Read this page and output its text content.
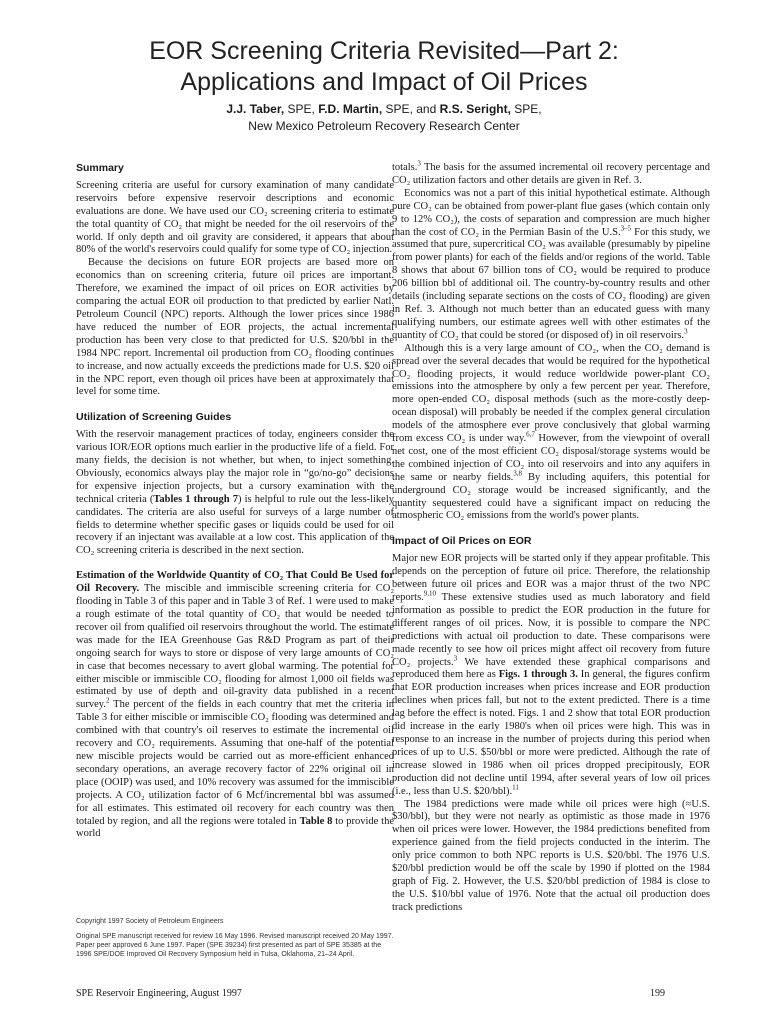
EOR Screening Criteria Revisited—Part 2:
Applications and Impact of Oil Prices
J.J. Taber, SPE, F.D. Martin, SPE, and R.S. Seright, SPE,
New Mexico Petroleum Recovery Research Center
Summary

Screening criteria are useful for cursory examination of many candidate reservoirs before expensive reservoir descriptions and economic evaluations are done. We have used our CO₂ screening criteria to estimate the total quantity of CO₂ that might be needed for the oil reservoirs of the world. If only depth and oil gravity are considered, it appears that about 80% of the world's reservoirs could qualify for some type of CO₂ injection.

Because the decisions on future EOR projects are based more on economics than on screening criteria, future oil prices are important. Therefore, we examined the impact of oil prices on EOR activities by comparing the actual EOR oil production to that predicted by earlier Natl. Petroleum Council (NPC) reports. Although the lower prices since 1986 have reduced the number of EOR projects, the actual incremental production has been very close to that predicted for U.S. $20/bbl in the 1984 NPC report. Incremental oil production from CO₂ flooding continues to increase, and now actually exceeds the predictions made for U.S. $20 oil in the NPC report, even though oil prices have been at approximately that level for some time.

Utilization of Screening Guides

With the reservoir management practices of today, engineers consider the various IOR/EOR options much earlier in the productive life of a field. For many fields, the decision is not whether, but when, to inject something. Obviously, economics always play the major role in “go/no-go” decisions for expensive injection projects, but a cursory examination with the technical criteria (Tables 1 through 7) is helpful to rule out the less-likely candidates. The criteria are also useful for surveys of a large number of fields to determine whether specific gases or liquids could be used for oil recovery if an injectant was available at a low cost. This application of the CO₂ screening criteria is described in the next section.

Estimation of the Worldwide Quantity of CO₂ That Could Be Used for Oil Recovery. The miscible and immiscible screening criteria for CO₂ flooding in Table 3 of this paper and in Table 3 of Ref. 1 were used to make a rough estimate of the total quantity of CO₂ that would be needed to recover oil from qualified oil reservoirs throughout the world. The estimate was made for the IEA Greenhouse Gas R&D Program as part of their ongoing search for ways to store or dispose of very large amounts of CO₂ in case that becomes necessary to avert global warming. The potential for either miscible or immiscible CO₂ flooding for almost 1,000 oil fields was estimated by use of depth and oil-gravity data published in a recent survey.$^2$ The percent of the fields in each country that met the criteria in Table 3 for either miscible or immiscible CO₂ flooding was determined and combined with that country's oil reserves to estimate the incremental oil recovery and CO₂ requirements. Assuming that one-half of the potential new miscible projects would be carried out as more-efficient enhanced secondary operations, an average recovery factor of 22% original oil in place (OOIP) was used, and 10% recovery was assumed for the immiscible projects. A CO₂ utilization factor of 6 Mcf/incremental bbl was assumed for all estimates. This estimated oil recovery for each country was then totaled by region, and all the regions were totaled in Table 8 to provide the world

totals.$^3$ The basis for the assumed incremental oil recovery percentage and CO₂ utilization factors and other details are given in Ref. 3.

Economics was not a part of this initial hypothetical estimate. Although pure CO₂ can be obtained from power-plant flue gases (which contain only 9 to 12% CO₂), the costs of separation and compression are much higher than the cost of CO₂ in the Permian Basin of the U.S.$^{3-5}$ For this study, we assumed that pure, supercritical CO₂ was available (presumably by pipeline from power plants) for each of the fields and/or regions of the world. Table 8 shows that about 67 billion tons of CO₂ would be required to produce 206 billion bbl of additional oil. The country-by-country results and other details (including separate sections on the costs of CO₂ flooding) are given in Ref. 3. Although not much better than an educated guess with many qualifying numbers, our estimate agrees well with other estimates of the quantity of CO₂ that could be stored (or disposed of) in oil reservoirs.$^3$

Although this is a very large amount of CO₂, when the CO₂ demand is spread over the several decades that would be required for the hypothetical CO₂ flooding projects, it would reduce worldwide power-plant CO₂ emissions into the atmosphere by only a few percent per year. Therefore, more open-ended CO₂ disposal methods (such as the more-costly deep-ocean disposal) will probably be needed if the complex general circulation models of the atmosphere ever prove conclusively that global warming from excess CO₂ is under way.$^{6,7}$ However, from the viewpoint of overall net cost, one of the most efficient CO₂ disposal/storage systems would be the combined injection of CO₂ into oil reservoirs and into any aquifers in the same or nearby fields.$^{3,8}$ By including aquifers, this potential for underground CO₂ storage would be increased significantly, and the quantity sequestered could have a significant impact on reducing the atmospheric CO₂ emissions from the world's power plants.

Impact of Oil Prices on EOR

Major new EOR projects will be started only if they appear profitable. This depends on the perception of future oil price. Therefore, the relationship between future oil prices and EOR was a major thrust of the two NPC reports.$^{9,10}$ These extensive studies used as much laboratory and field information as possible to predict the EOR production in the future for different ranges of oil prices. Now, it is possible to compare the NPC predictions with actual oil production to date. These comparisons were made recently to see how oil prices might affect oil recovery from future CO₂ projects.$^3$ We have extended these graphical comparisons and reproduced them here as Figs. 1 through 3. In general, the figures confirm that EOR production increases when prices increase and EOR production declines when prices fall, but not to the extent predicted. There is a time lag before the effect is noted. Figs. 1 and 2 show that total EOR production did increase in the early 1980's when oil prices were high. This was in response to an increase in the number of projects during this period when prices of up to U.S. $50/bbl or more were predicted. Although the rate of increase slowed in 1986 when oil prices dropped precipitously, EOR production did not decline until 1994, after several years of low oil prices (i.e., less than U.S. $20/bbl).$^{11}$

The 1984 predictions were made while oil prices were high (≈U.S. $30/bbl), but they were not nearly as optimistic as those made in 1976 when oil prices were lower. However, the 1984 predictions benefited from experience gained from the field projects conducted in the interim. The only price common to both NPC reports is U.S. $20/bbl. The 1976 U.S. $20/bbl prediction would be off the scale by 1990 if plotted on the 1984 graph of Fig. 2. However, the U.S. $20/bbl prediction of 1984 is close to the U.S. $10/bbl value of 1976. Note that the actual oil production does track predictions

Copyright 1997 Society of Petroleum Engineers

Original SPE manuscript received for review 16 May 1996. Revised manuscript received 20 May 1997. Paper peer approved 6 June 1997. Paper (SPE 39234) first presented as part of SPE 35385 at the 1996 SPE/DOE Improved Oil Recovery Symposium held in Tulsa, Oklahoma, 21–24 April.

SPE Reservoir Engineering, August 1997	199
